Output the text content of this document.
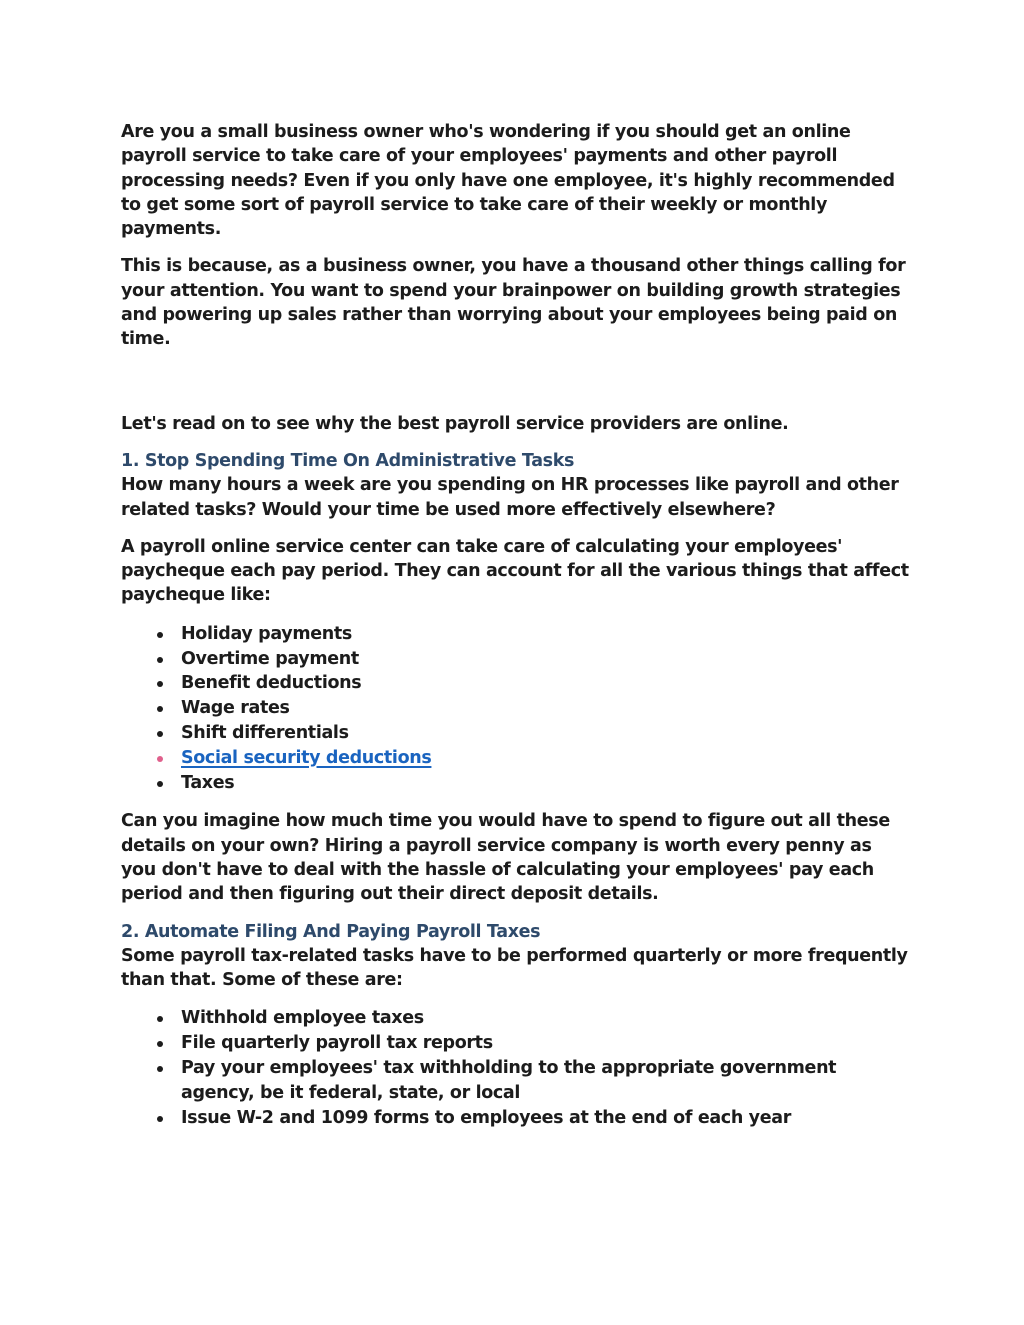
Are you a small business owner who's wondering if you should get an online payroll service to take care of your employees' payments and other payroll processing needs? Even if you only have one employee, it's highly recommended to get some sort of payroll service to take care of their weekly or monthly payments.

This is because, as a business owner, you have a thousand other things calling for your attention. You want to spend your brainpower on building growth strategies and powering up sales rather than worrying about your employees being paid on time.

Let's read on to see why the best payroll service providers are online.

1. Stop Spending Time On Administrative Tasks

How many hours a week are you spending on HR processes like payroll and other related tasks? Would your time be used more effectively elsewhere?

A payroll online service center can take care of calculating your employees' paycheque each pay period. They can account for all the various things that affect paycheque like:

Holiday payments
Overtime payment
Benefit deductions
Wage rates
Shift differentials
Social security deductions
Taxes

Can you imagine how much time you would have to spend to figure out all these details on your own? Hiring a payroll service company is worth every penny as you don't have to deal with the hassle of calculating your employees' pay each period and then figuring out their direct deposit details.

2. Automate Filing And Paying Payroll Taxes

Some payroll tax-related tasks have to be performed quarterly or more frequently than that. Some of these are:

Withhold employee taxes
File quarterly payroll tax reports
Pay your employees' tax withholding to the appropriate government agency, be it federal, state, or local
Issue W-2 and 1099 forms to employees at the end of each year
